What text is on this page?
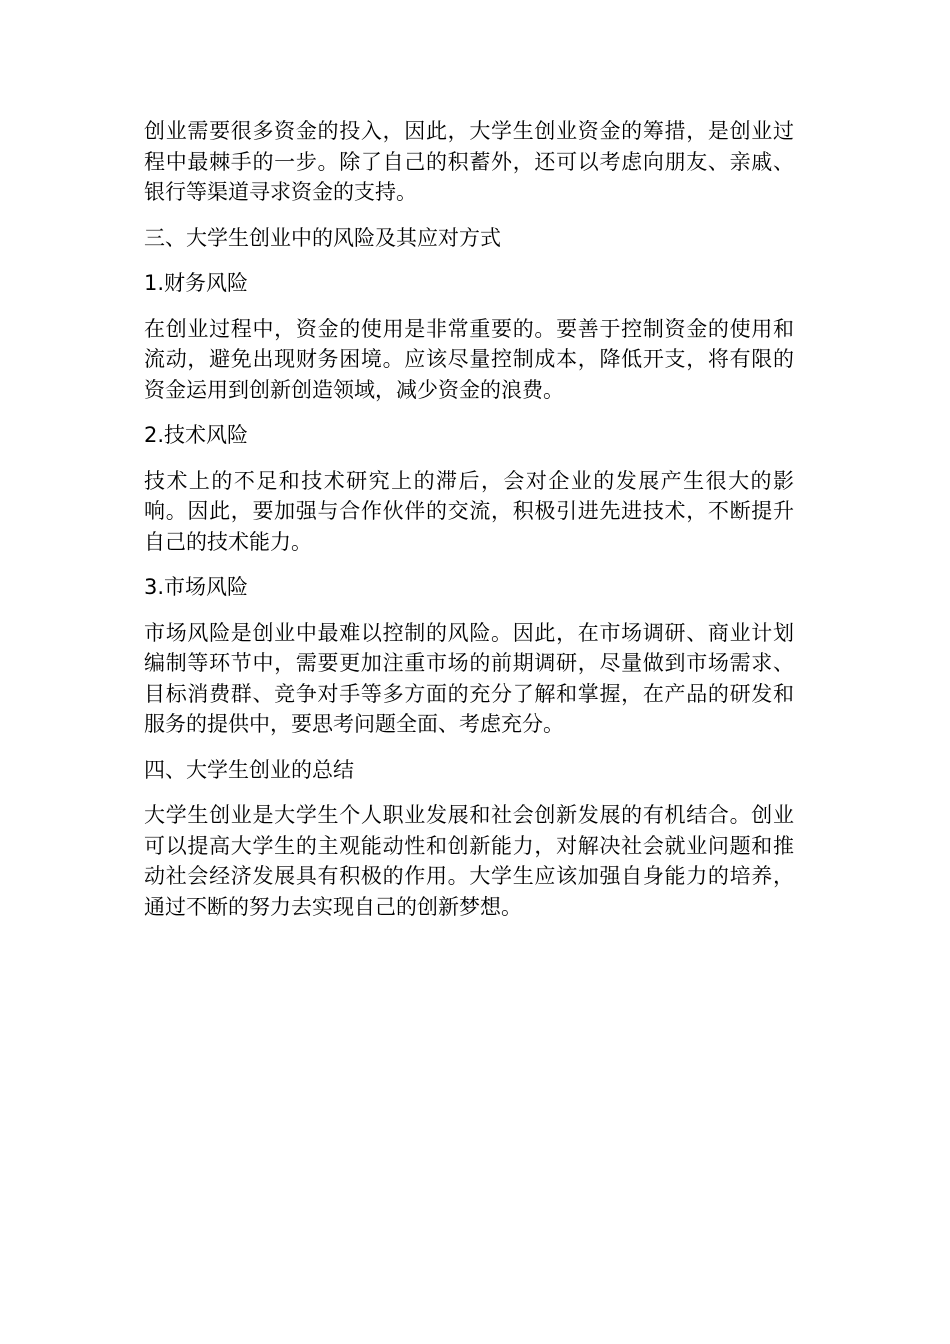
创业需要很多资金的投入，因此，大学生创业资金的筹措，是创业过程中最棘手的一步。除了自己的积蓄外，还可以考虑向朋友、亲戚、银行等渠道寻求资金的支持。

三、大学生创业中的风险及其应对方式

1.财务风险

在创业过程中，资金的使用是非常重要的。要善于控制资金的使用和流动，避免出现财务困境。应该尽量控制成本，降低开支，将有限的资金运用到创新创造领域，减少资金的浪费。

2.技术风险

技术上的不足和技术研究上的滞后，会对企业的发展产生很大的影响。因此，要加强与合作伙伴的交流，积极引进先进技术，不断提升自己的技术能力。

3.市场风险

市场风险是创业中最难以控制的风险。因此，在市场调研、商业计划编制等环节中，需要更加注重市场的前期调研，尽量做到市场需求、目标消费群、竞争对手等多方面的充分了解和掌握，在产品的研发和服务的提供中，要思考问题全面、考虑充分。

四、大学生创业的总结

大学生创业是大学生个人职业发展和社会创新发展的有机结合。创业可以提高大学生的主观能动性和创新能力，对解决社会就业问题和推动社会经济发展具有积极的作用。大学生应该加强自身能力的培养，通过不断的努力去实现自己的创新梦想。
